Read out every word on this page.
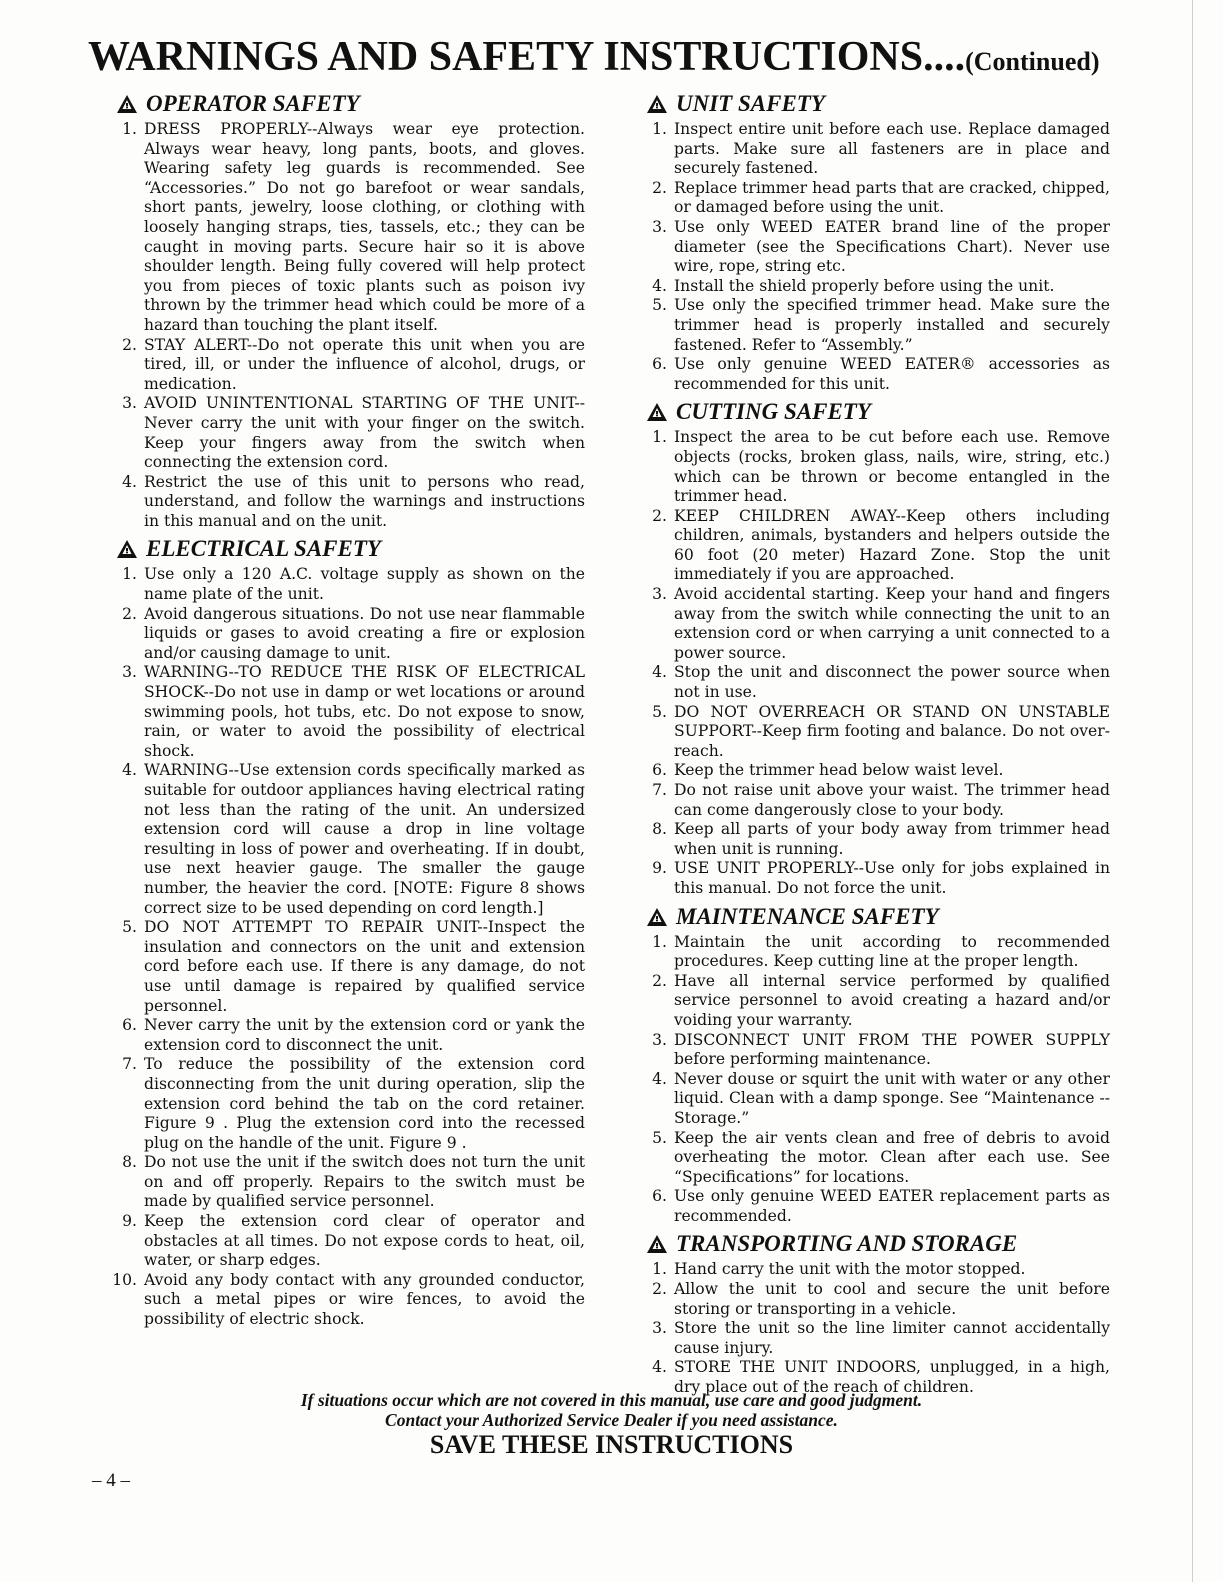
WARNINGS AND SAFETY INSTRUCTIONS....(Continued)
OPERATOR SAFETY
1. DRESS PROPERLY--Always wear eye protection. Always wear heavy, long pants, boots, and gloves. Wearing safety leg guards is recommended. See “Accessories.” Do not go barefoot or wear sandals, short pants, jewelry, loose clothing, or clothing with loosely hanging straps, ties, tassels, etc.; they can be caught in moving parts. Secure hair so it is above shoulder length. Being fully covered will help protect you from pieces of toxic plants such as poison ivy thrown by the trimmer head which could be more of a hazard than touching the plant itself.
2. STAY ALERT--Do not operate this unit when you are tired, ill, or under the influence of alcohol, drugs, or medication.
3. AVOID UNINTENTIONAL STARTING OF THE UNIT--Never carry the unit with your finger on the switch. Keep your fingers away from the switch when connecting the extension cord.
4. Restrict the use of this unit to persons who read, understand, and follow the warnings and instructions in this manual and on the unit.
ELECTRICAL SAFETY
1. Use only a 120 A.C. voltage supply as shown on the name plate of the unit.
2. Avoid dangerous situations. Do not use near flammable liquids or gases to avoid creating a fire or explosion and/or causing damage to unit.
3. WARNING--TO REDUCE THE RISK OF ELECTRICAL SHOCK--Do not use in damp or wet locations or around swimming pools, hot tubs, etc. Do not expose to snow, rain, or water to avoid the possibility of electrical shock.
4. WARNING--Use extension cords specifically marked as suitable for outdoor appliances having electrical rating not less than the rating of the unit. An undersized extension cord will cause a drop in line voltage resulting in loss of power and overheating. If in doubt, use next heavier gauge. The smaller the gauge number, the heavier the cord. [NOTE: Figure 8 shows correct size to be used depending on cord length.]
5. DO NOT ATTEMPT TO REPAIR UNIT--Inspect the insulation and connectors on the unit and extension cord before each use. If there is any damage, do not use until damage is repaired by qualified service personnel.
6. Never carry the unit by the extension cord or yank the extension cord to disconnect the unit.
7. To reduce the possibility of the extension cord disconnecting from the unit during operation, slip the extension cord behind the tab on the cord retainer. Figure 9 . Plug the extension cord into the recessed plug on the handle of the unit. Figure 9 .
8. Do not use the unit if the switch does not turn the unit on and off properly. Repairs to the switch must be made by qualified service personnel.
9. Keep the extension cord clear of operator and obstacles at all times. Do not expose cords to heat, oil, water, or sharp edges.
10. Avoid any body contact with any grounded conductor, such a metal pipes or wire fences, to avoid the possibility of electric shock.
UNIT SAFETY
1. Inspect entire unit before each use. Replace damaged parts. Make sure all fasteners are in place and securely fastened.
2. Replace trimmer head parts that are cracked, chipped, or damaged before using the unit.
3. Use only WEED EATER brand line of the proper diameter (see the Specifications Chart). Never use wire, rope, string etc.
4. Install the shield properly before using the unit.
5. Use only the specified trimmer head. Make sure the trimmer head is properly installed and securely fastened. Refer to “Assembly.”
6. Use only genuine WEED EATER® accessories as recommended for this unit.
CUTTING SAFETY
1. Inspect the area to be cut before each use. Remove objects (rocks, broken glass, nails, wire, string, etc.) which can be thrown or become entangled in the trimmer head.
2. KEEP CHILDREN AWAY--Keep others including children, animals, bystanders and helpers outside the 60 foot (20 meter) Hazard Zone. Stop the unit immediately if you are approached.
3. Avoid accidental starting. Keep your hand and fingers away from the switch while connecting the unit to an extension cord or when carrying a unit connected to a power source.
4. Stop the unit and disconnect the power source when not in use.
5. DO NOT OVERREACH OR STAND ON UNSTABLE SUPPORT--Keep firm footing and balance. Do not over-reach.
6. Keep the trimmer head below waist level.
7. Do not raise unit above your waist. The trimmer head can come dangerously close to your body.
8. Keep all parts of your body away from trimmer head when unit is running.
9. USE UNIT PROPERLY--Use only for jobs explained in this manual. Do not force the unit.
MAINTENANCE SAFETY
1. Maintain the unit according to recommended procedures. Keep cutting line at the proper length.
2. Have all internal service performed by qualified service personnel to avoid creating a hazard and/or voiding your warranty.
3. DISCONNECT UNIT FROM THE POWER SUPPLY before performing maintenance.
4. Never douse or squirt the unit with water or any other liquid. Clean with a damp sponge. See “Maintenance -- Storage.”
5. Keep the air vents clean and free of debris to avoid overheating the motor. Clean after each use. See “Specifications” for locations.
6. Use only genuine WEED EATER replacement parts as recommended.
TRANSPORTING AND STORAGE
1. Hand carry the unit with the motor stopped.
2. Allow the unit to cool and secure the unit before storing or transporting in a vehicle.
3. Store the unit so the line limiter cannot accidentally cause injury.
4. STORE THE UNIT INDOORS, unplugged, in a high, dry place out of the reach of children.
If situations occur which are not covered in this manual, use care and good judgment.
Contact your Authorized Service Dealer if you need assistance.
SAVE THESE INSTRUCTIONS
– 4 –
